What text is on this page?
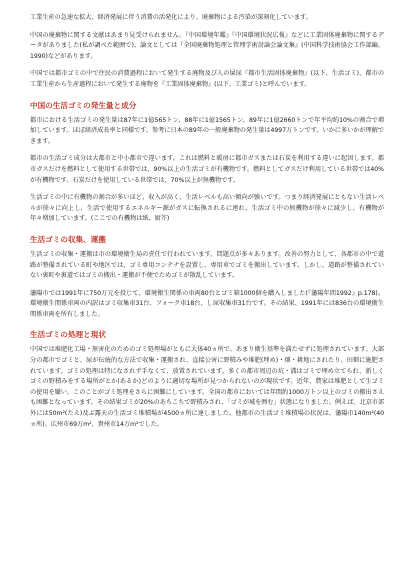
工業生産の急速な拡大、経済発展に伴う消費の活発化により、廃棄物による汚染が深刻化しています。

中国の廃棄物に関する文献はあまり見受けられません。『中国環境年鑑』『中国環境状況広報』などに工業固体廃棄物に関するデータがありました(私が調べた範囲で)。論文としては『全国廃棄物処理と管理学術討論会論文集』(中国科学技術協会工作部編、1990)などがあります。

中国では都市ゴミの中で住民の消費過程において発生する廃物及び人の屎尿『都市生活固体廃棄物』(以下、生活ゴミ)、都市の工業生産から生産過程において発生する廃物を『工業固体廃棄物』(以下、工業ゴミ)と呼んでいます。

中国の生活ゴミの発生量と成分

都市における生活ゴミの発生量は87年に1億565トン、88年に1億1565トン、89年に1億2660トンで年平均約10%の割合で増加しています。ほぼ経済成長率と同様です。参考に日本の89年の一般廃棄物の発生量は4997万トンです。いかに多いかが理解できます。

都市の生活ゴミ成分は大都市と中小都市で違います。これは燃料と暖房に都市ガスまたは石炭を利用する違いに起因します。都市ガスだけを燃料として使用する世帯では、90%以上の生活ゴミが有機物です。燃料としてガスだけ利用している世帯では40%が有機物です。石炭だけを使用している世帯では、70%以上が無機物です。

生活ゴミの中に有機物の割合が多いほど、収入が高く、生活レベルも高い傾向が強いです。つまり経済発展にともない生活レベルが徐々に向上し、生活で使用するエネルギー源がガスに転換されるに連れ、生活ゴミ中の無機物が徐々に減少し、有機物が年々増加しています。(ここでの有機物は紙、厨芥)

生活ゴミの収集、運搬

生活ゴミの収集・運搬は市の環境衛生局の責任で行われています。問題点が多々あります。改善の努力として、各都市の中で道路が整備されている町や地区では、ゴミ専用コンテナを設置し、専用車でゴミを搬出しています。しかし、道路が整備されていない裏町や裏道ではゴミの搬出・運搬が不便でためゴミが散乱しています。

瀋陽市では1991年に750万元を投じて、環境衛生関係の車両80台とゴミ箱1000個を購入しました(『瀋陽年間1992』p.178)。環境衛生関係車両の内訳はゴミ収集車31台、フォーク車18台、し尿収集車31台です。その結果、1991年には836台の環境衛生関係車両を所有しました。

生活ゴミの処理と現状

中国では堆肥化工場・無害化のためのゴミ処理場がともに大体40ヵ所で、あまり衛生基準を満たせずに処理されています。大部分の都市でゴミと、尿が伝統的な方法で収集・運搬され、直接公害に野積みや堆肥(埋め)・畑・耕地にされたり、田畑に施肥されています。ゴミの処理は特になされず手なくて、放置されています。多くの都市周辺の坑・溝はゴミで埋め立てられ、新しくゴミの野積みをする場所がとか(あるか)どのように適切な場所が見つかられないのが現状です。近年、農家は堆肥として生ゴミの使用を嫌い、このことがゴミ処理をさらに困難にしています。全国の都市においては年間約1000万トン以上のゴミの搬出さえも困難となっています。その結果ゴミが20%のあちこちで野積みされ、「ゴミが城を囲む」状態になりました。例えば、北京市郊外には50m²(たえ)及ぶ露天の生活ゴミ堆積場が4500ヵ所に達しました。他都市の生活ゴミ堆積場の状況は、瀋陽市140m²(40ヵ所)、広州市69万m²、貴州市14万m²でした。
